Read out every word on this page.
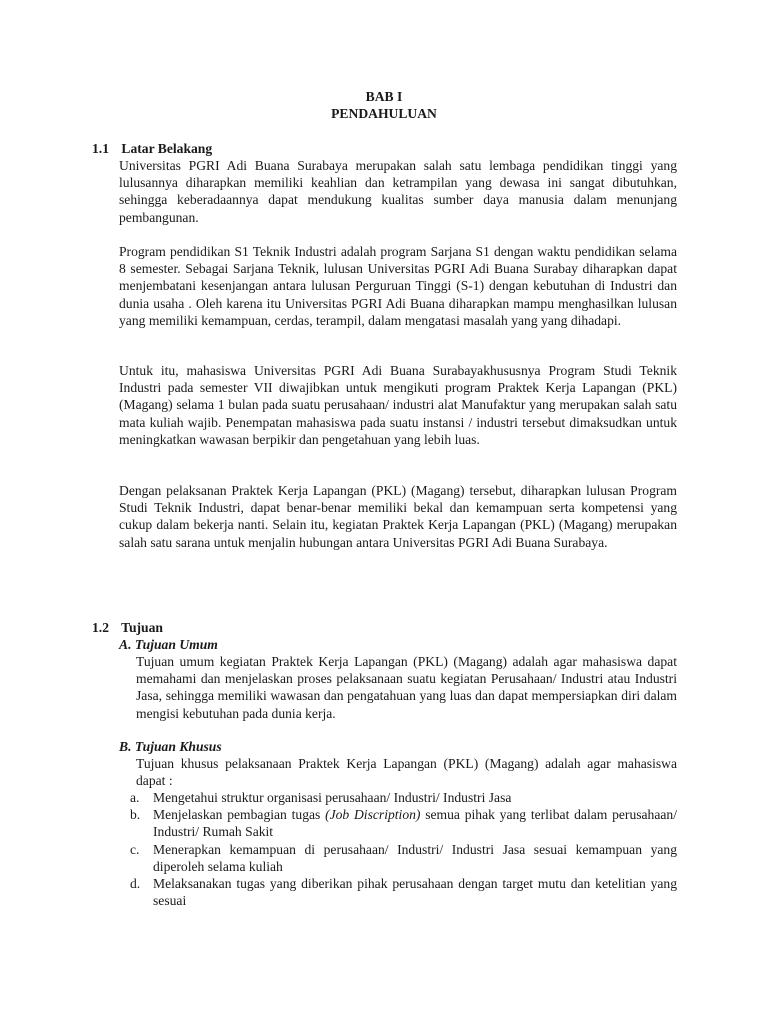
BAB I
PENDAHULUAN
1.1 Latar Belakang

Universitas PGRI Adi Buana Surabaya merupakan salah satu lembaga pendidikan tinggi yang lulusannya diharapkan memiliki keahlian dan ketrampilan yang dewasa ini sangat dibutuhkan, sehingga keberadaannya dapat mendukung kualitas sumber daya manusia dalam menunjang pembangunan.

Program pendidikan S1 Teknik Industri adalah program Sarjana S1 dengan waktu pendidikan selama 8 semester. Sebagai Sarjana Teknik, lulusan Universitas PGRI Adi Buana Surabay diharapkan dapat menjembatani kesenjangan antara lulusan Perguruan Tinggi (S-1) dengan kebutuhan di Industri dan dunia usaha . Oleh karena itu Universitas PGRI Adi Buana diharapkan mampu menghasilkan lulusan yang memiliki kemampuan, cerdas, terampil, dalam mengatasi masalah yang yang dihadapi.

Untuk itu, mahasiswa Universitas PGRI Adi Buana Surabayakhususnya Program Studi Teknik Industri pada semester VII diwajibkan untuk mengikuti program Praktek Kerja Lapangan (PKL) (Magang) selama 1 bulan pada suatu perusahaan/ industri alat Manufaktur yang merupakan salah satu mata kuliah wajib. Penempatan mahasiswa pada suatu instansi / industri tersebut dimaksudkan untuk meningkatkan wawasan berpikir dan pengetahuan yang lebih luas.

Dengan pelaksanan Praktek Kerja Lapangan (PKL) (Magang) tersebut, diharapkan lulusan Program Studi Teknik Industri, dapat benar-benar memiliki bekal dan kemampuan serta kompetensi yang cukup dalam bekerja nanti. Selain itu, kegiatan Praktek Kerja Lapangan (PKL) (Magang) merupakan salah satu sarana untuk menjalin hubungan antara Universitas PGRI Adi Buana Surabaya.

1.2 Tujuan
A. Tujuan Umum

Tujuan umum kegiatan Praktek Kerja Lapangan (PKL) (Magang) adalah agar mahasiswa dapat memahami dan menjelaskan proses pelaksanaan suatu kegiatan Perusahaan/ Industri atau Industri Jasa, sehingga memiliki wawasan dan pengatahuan yang luas dan dapat mempersiapkan diri dalam mengisi kebutuhan pada dunia kerja.

B. Tujuan Khusus

Tujuan khusus pelaksanaan Praktek Kerja Lapangan (PKL) (Magang) adalah agar mahasiswa dapat :

a. Mengetahui struktur organisasi perusahaan/ Industri/ Industri Jasa
b. Menjelaskan pembagian tugas (Job Discription) semua pihak yang terlibat dalam perusahaan/ Industri/ Rumah Sakit
c. Menerapkan kemampuan di perusahaan/ Industri/ Industri Jasa sesuai kemampuan yang diperoleh selama kuliah
d. Melaksanakan tugas yang diberikan pihak perusahaan dengan target mutu dan ketelitian yang sesuai
